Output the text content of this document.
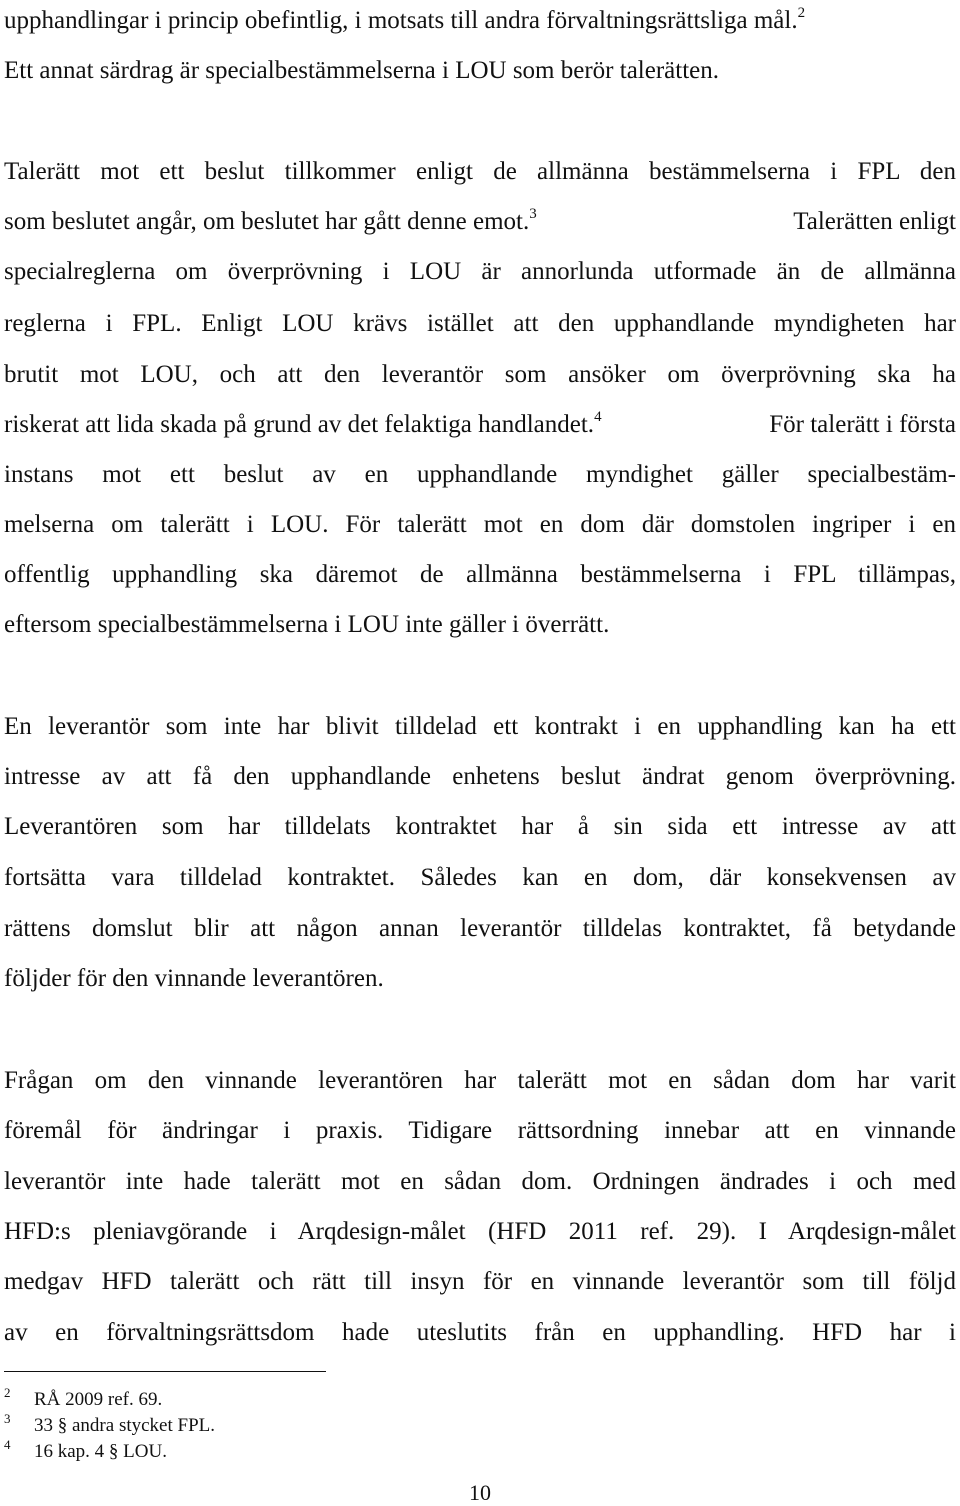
upphandlingar i princip obefintlig, i motsats till andra förvaltningsrättsliga mål.$^2$
Ett annat särdrag är specialbestämmelserna i LOU som berör talerätten.
Talerätt mot ett beslut tillkommer enligt de allmänna bestämmelserna i FPL den
som beslutet angår, om beslutet har gått denne emot.$^3$	Talerätten enligt
specialreglerna om överprövning i LOU är annorlunda utformade än de allmänna
reglerna i FPL. Enligt LOU krävs istället att den upphandlande myndigheten har
brutit mot LOU, och att den leverantör som ansöker om överprövning ska ha
riskerat att lida skada på grund av det felaktiga handlandet.$^4$	För talerätt i första
instans mot ett beslut av en upphandlande myndighet gäller specialbestäm-
melserna om talerätt i LOU. För talerätt mot en dom där domstolen ingriper i en
offentlig upphandling ska däremot de allmänna bestämmelserna i FPL tillämpas,
eftersom specialbestämmelserna i LOU inte gäller i överrätt.
En leverantör som inte har blivit tilldelad ett kontrakt i en upphandling kan ha ett
intresse av att få den upphandlande enhetens beslut ändrat genom överprövning.
Leverantören som har tilldelats kontraktet har å sin sida ett intresse av att
fortsätta vara tilldelad kontraktet. Således kan en dom, där konsekvensen av
rättens domslut blir att någon annan leverantör tilldelas kontraktet, få betydande
följder för den vinnande leverantören.
Frågan om den vinnande leverantören har talerätt mot en sådan dom har varit
föremål för ändringar i praxis. Tidigare rättsordning innebar att en vinnande
leverantör inte hade talerätt mot en sådan dom. Ordningen ändrades i och med
HFD:s pleniavgörande i Arqdesign-målet (HFD 2011 ref. 29). I Arqdesign-målet
medgav HFD talerätt och rätt till insyn för en vinnande leverantör som till följd
av en förvaltningsrättsdom hade uteslutits från en upphandling. HFD har i
2 RÅ 2009 ref. 69.
3 33 § andra stycket FPL.
4 16 kap. 4 § LOU.
10
